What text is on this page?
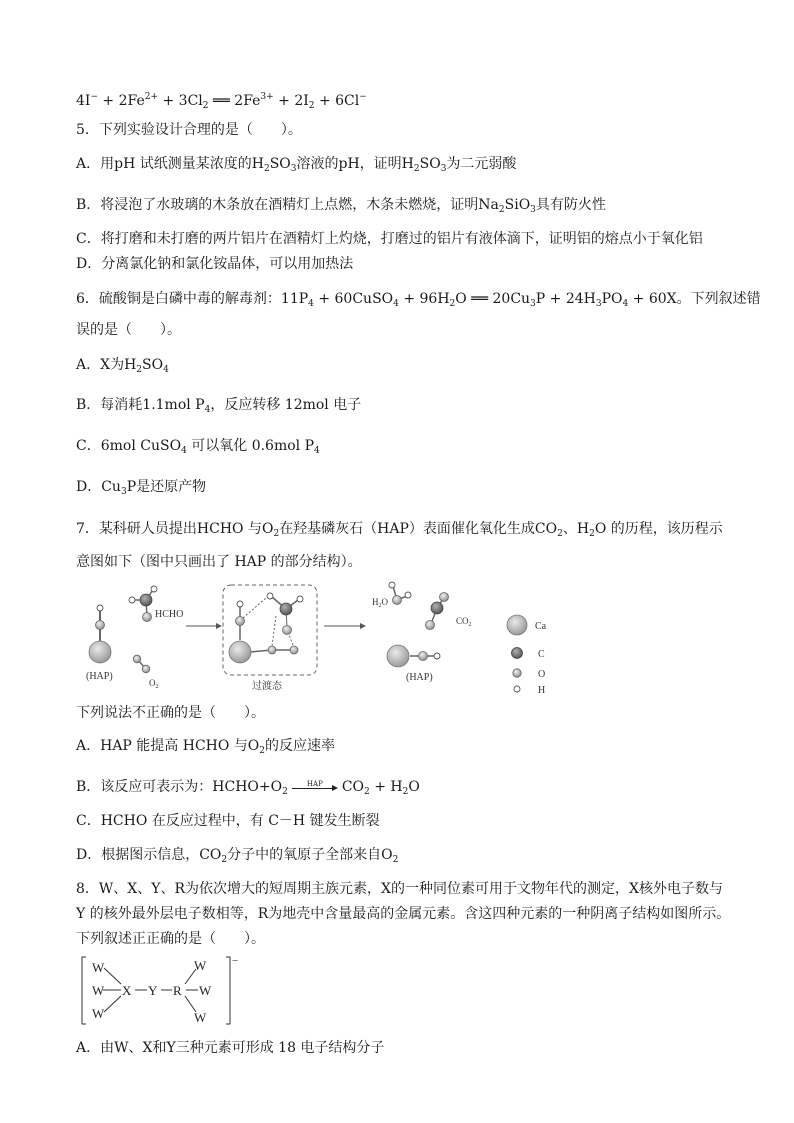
$4I^- + 2Fe^{2+} + 3Cl_2$ ══ $2Fe^{3+} + 2I_2 + 6Cl^-$
5．下列实验设计合理的是（　　）。
A．用pH 试纸测量某浓度的$H_2SO_3$溶液的pH，证明$H_2SO_3$为二元弱酸
B．将浸泡了水玻璃的木条放在酒精灯上点燃，木条未燃烧，证明$Na_2SiO_3$具有防火性
C．将打磨和未打磨的两片铝片在酒精灯上灼烧，打磨过的铝片有液体滴下，证明铝的熔点小于氧化铝
D．分离氯化钠和氯化铵晶体，可以用加热法
6．硫酸铜是白磷中毒的解毒剂：$11P_4$ + 60CuSO$_4$ + $96H_2O$ ══ $20Cu_3P + 24H_3PO_4 + 60X$。下列叙述错
误的是（　　）。
A．X为$H_2SO_4$
B．每消耗1.1mol $P_4$，反应转移 12mol 电子
C．6mol CuSO$_4$ 可以氧化 0.6mol $P_4$
D．$Cu_3P$是还原产物
7．某科研人员提出HCHO 与$O_2$在羟基磷灰石（HAP）表面催化氧化生成$CO_2$、$H_2O$ 的历程，该历程示
意图如下（图中只画出了 HAP 的部分结构）。
(HAP)
HCHO
$O_2$	过渡态
$H_2O$
$CO_2$
(HAP)
Ca
C
O
H
下列说法不正确的是（　　）。
A．HAP 能提高 HCHO 与$O_2$的反应速率
B．该反应可表示为：$HCHO+O_2$
HAP	$CO_2 + H_2O$
C．HCHO 在反应过程中，有 C－H 键发生断裂
D．根据图示信息，$CO_2$分子中的氧原子全部来自$O_2$
8．W、X、Y、R为依次增大的短周期主族元素，X的一种同位素可用于文物年代的测定，X核外电子数与
Y 的核外最外层电子数相等，R为地壳中含量最高的金属元素。含这四种元素的一种阴离子结构如图所示。
下列叙述正正确的是（　　）。
W
W
W
X Y R
W
W
W
−
A．由W、X和Y三种元素可形成 18 电子结构分子
